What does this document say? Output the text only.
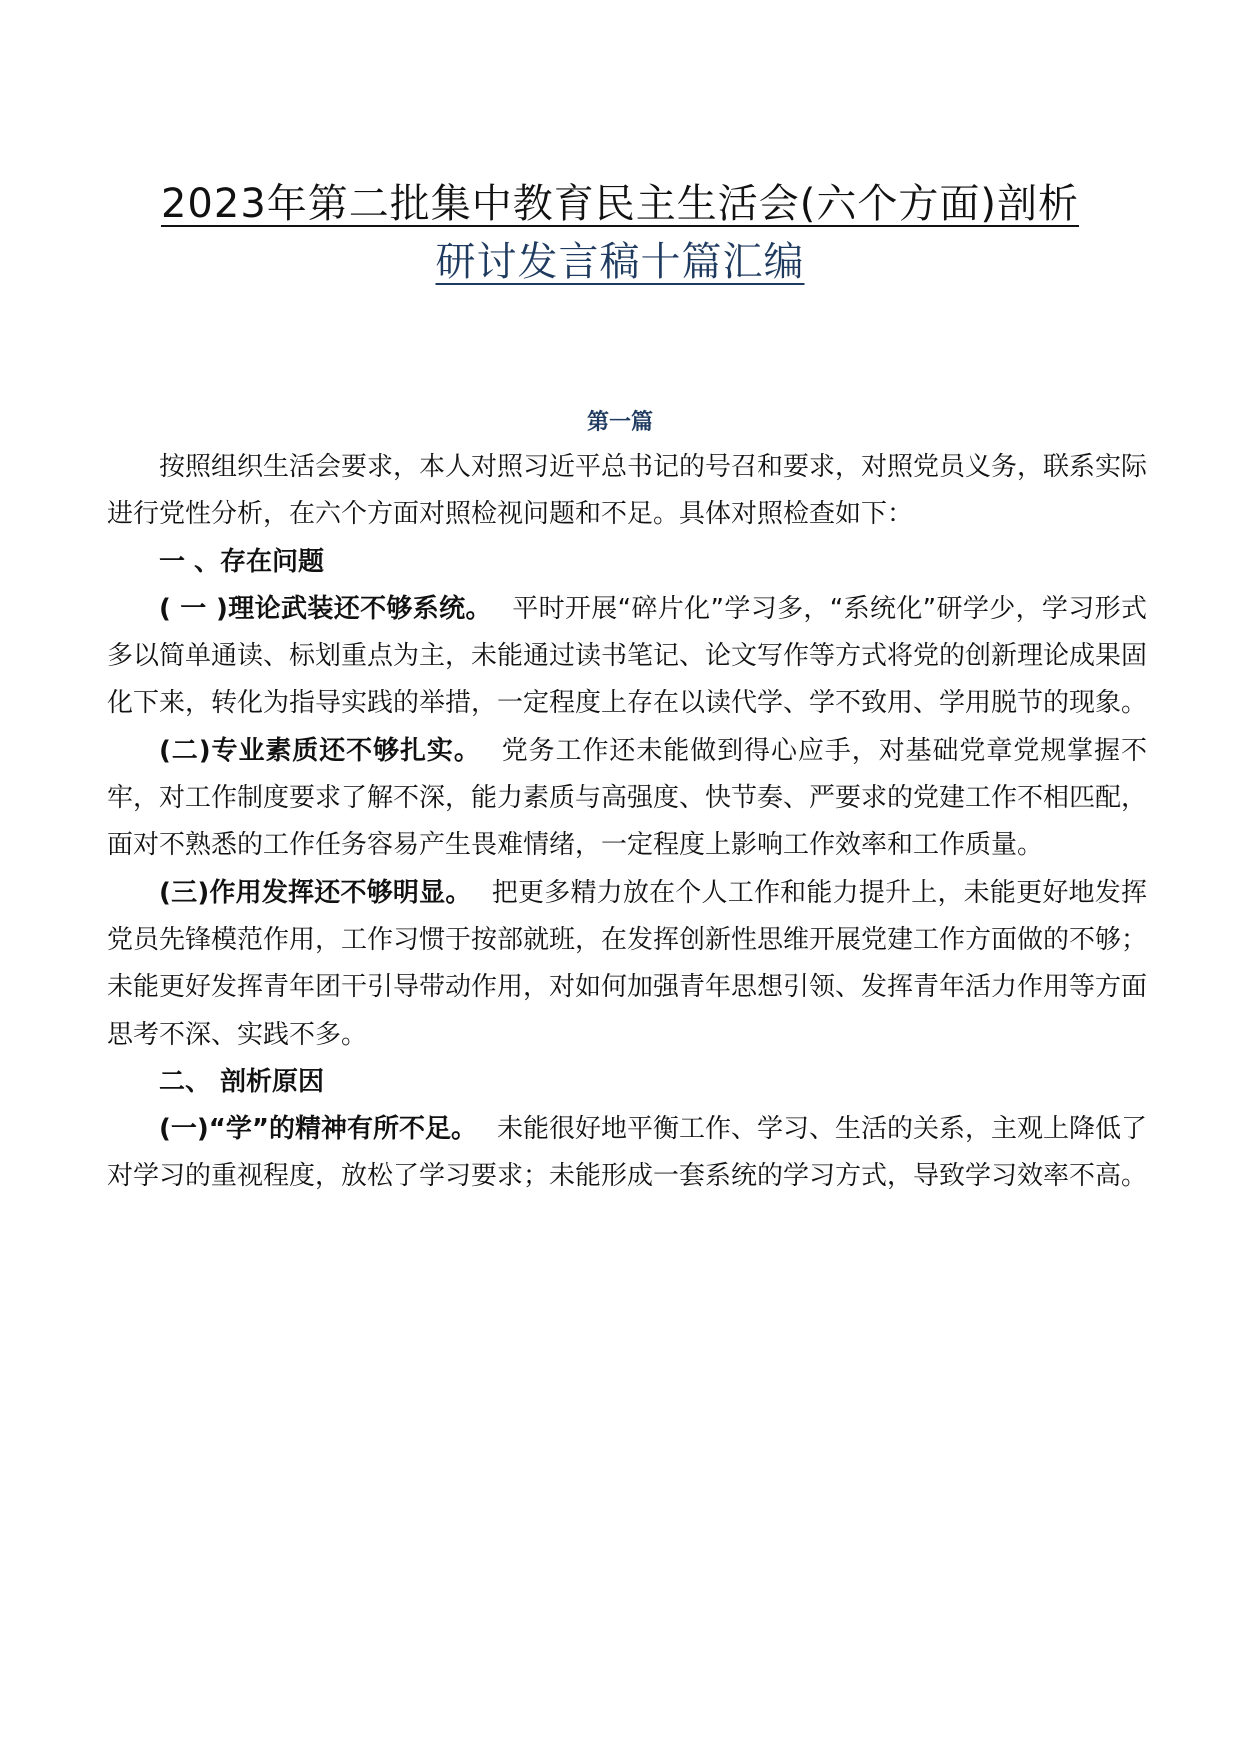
2023年第二批集中教育民主生活会(六个方面)剖析
研讨发言稿十篇汇编
第一篇

按照组织生活会要求，本人对照习近平总书记的号召和要求，对照党员义务，联系实际进行党性分析，在六个方面对照检视问题和不足。具体对照检查如下：

一 、存在问题

( 一 )理论武装还不够系统。 平时开展“碎片化”学习多，“系统化”研学少，学习形式多以简单通读、标划重点为主，未能通过读书笔记、论文写作等方式将党的创新理论成果固化下来，转化为指导实践的举措，一定程度上存在以读代学、学不致用、学用脱节的现象。

(二)专业素质还不够扎实。 党务工作还未能做到得心应手，对基础党章党规掌握不牢，对工作制度要求了解不深，能力素质与高强度、快节奏、严要求的党建工作不相匹配，面对不熟悉的工作任务容易产生畏难情绪，一定程度上影响工作效率和工作质量。

(三)作用发挥还不够明显。 把更多精力放在个人工作和能力提升上，未能更好地发挥党员先锋模范作用，工作习惯于按部就班，在发挥创新性思维开展党建工作方面做的不够；未能更好发挥青年团干引导带动作用，对如何加强青年思想引领、发挥青年活力作用等方面思考不深、实践不多。

二、 剖析原因

(一)“学”的精神有所不足。 未能很好地平衡工作、学习、生活的关系，主观上降低了对学习的重视程度，放松了学习要求；未能形成一套系统的学习方式，导致学习效率不高。
